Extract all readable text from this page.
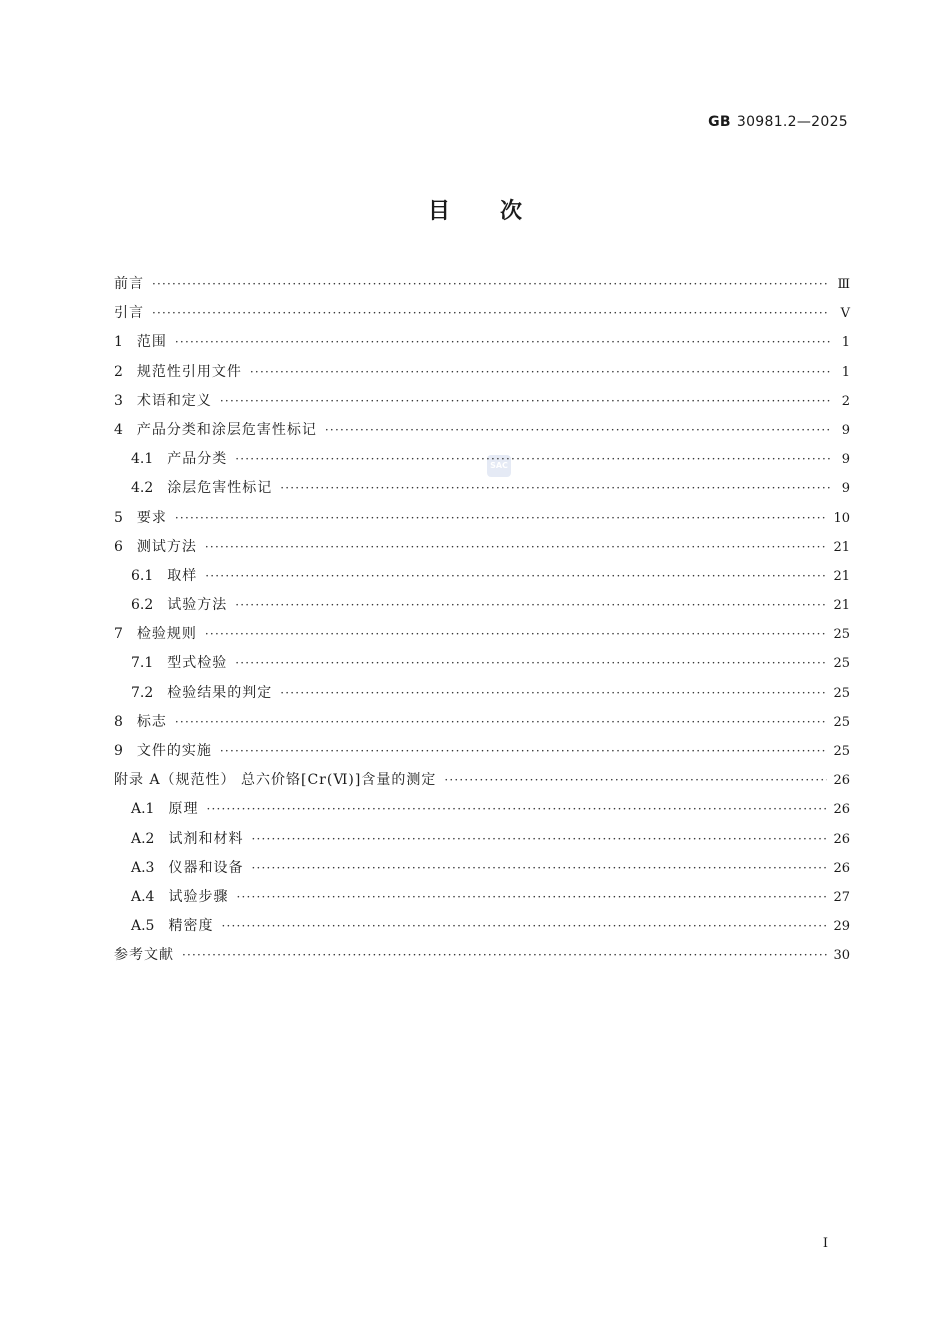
GB 30981.2—2025
目次
SAC
前言 ·····	Ⅲ
引言 ·····	Ⅴ
1 范围 ·····	1
2 规范性引用文件 ·····	1
3 术语和定义 ·····	2
4 产品分类和涂层危害性标记 ·····	9
4.1 产品分类 ·····	9
4.2 涂层危害性标记 ·····	9
5 要求 ·····	10
6 测试方法 ·····	21
6.1 取样 ·····	21
6.2 试验方法 ·····	21
7 检验规则 ·····	25
7.1 型式检验 ·····	25
7.2 检验结果的判定 ·····	25
8 标志 ·····	25
9 文件的实施 ·····	25
附录 A（规范性） 总六价铬[Cr(Ⅵ)]含量的测定 ·····	26
A.1 原理 ·····	26
A.2 试剂和材料 ·····	26
A.3 仪器和设备 ·····	26
A.4 试验步骤 ·····	27
A.5 精密度 ·····	29
参考文献 ·····	30
I
